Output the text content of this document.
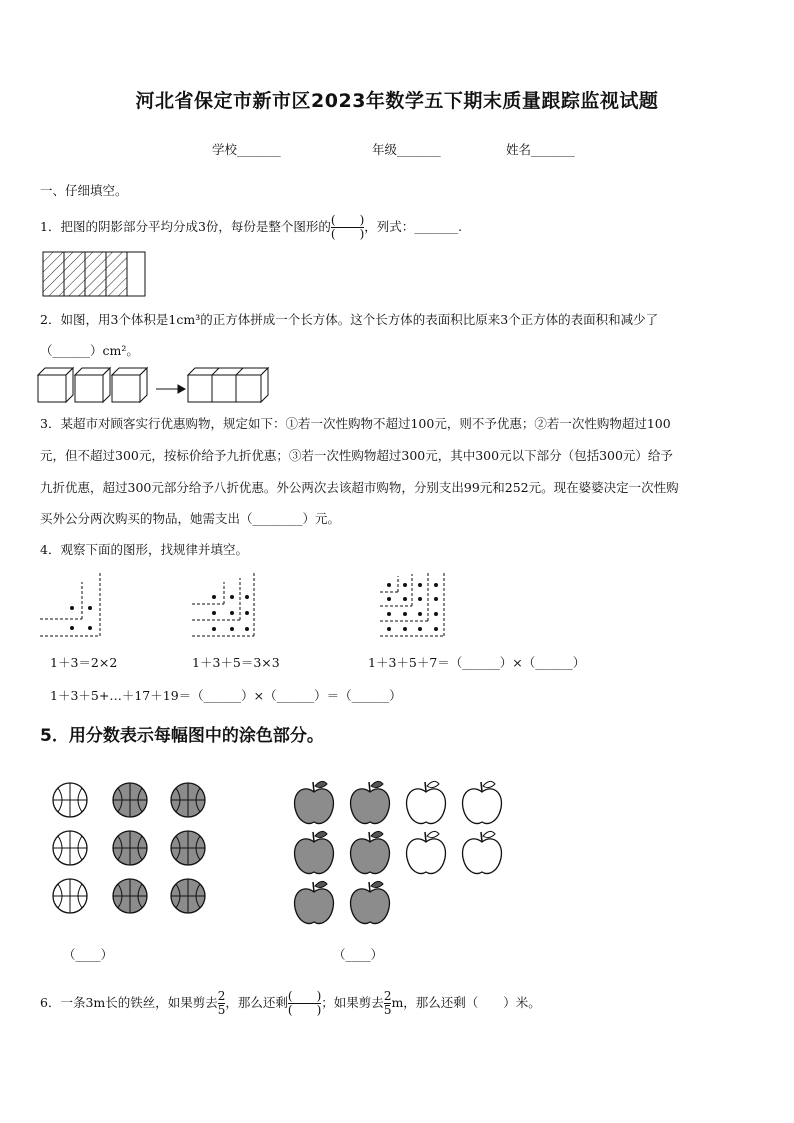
河北省保定市新市区2023年数学五下期末质量跟踪监视试题
学校_______	年级_______	姓名_______
一、仔细填空。
1．把图的阴影部分平均分成3份，每份是整个图形的 $\frac{( )}{( )}$ ，列式：_______.
2．如图，用3个体积是1cm³的正方体拼成一个长方体。这个长方体的表面积比原来3个正方体的表面积和减少了
（______）cm²。
3．某超市对顾客实行优惠购物，规定如下：①若一次性购物不超过100元，则不予优惠；②若一次性购物超过100
元，但不超过300元，按标价给予九折优惠；③若一次性购物超过300元，其中300元以下部分（包括300元）给予
九折优惠，超过300元部分给予八折优惠。外公两次去该超市购物，分别支出99元和252元。现在婆婆决定一次性购
买外公分两次购买的物品，她需支出（________）元。
4．观察下面的图形，找规律并填空。
1＋3＝2×2	1＋3＋5＝3×3	1＋3＋5＋7＝（______）×（______）
1＋3＋5+…＋17＋19＝（______）×（______）＝（______）
5．用分数表示每幅图中的涂色部分。
（____）	（____）
6．一条3m长的铁丝，如果剪去 $\frac{2}{5}$ ，那么还剩 $\frac{( )}{( )}$ ；如果剪去 $\frac{2}{5}$ m，那么还剩（　　）米。
